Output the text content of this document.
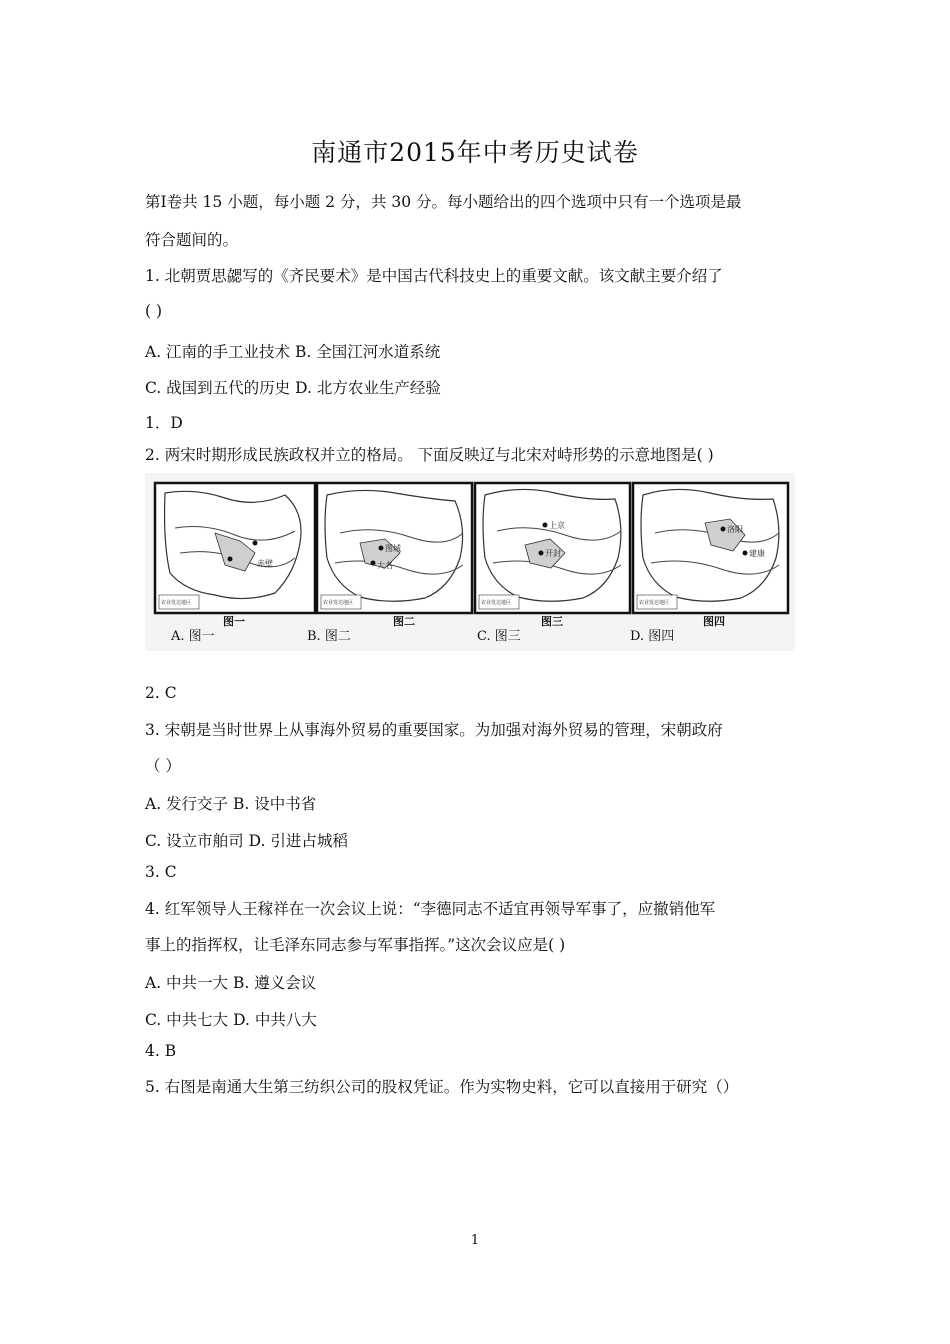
南通市2015年中考历史试卷
第Ⅰ卷共 15 小题，每小题 2 分，共 30 分。每小题给出的四个选项中只有一个选项是最
符合题间的。
1. 北朝贾思勰写的《齐民要术》是中国古代科技史上的重要文献。该文献主要介绍了
( )
A. 江南的手工业技术 B. 全国江河水道系统
C. 战国到五代的历史 D. 北方农业生产经验
1．D
2. 两宋时期形成民族政权并立的格局。 下面反映辽与北宋对峙形势的示意地图是( )
赤壁
农业发达地区
图城
大名
农业发达地区
上京
开封
农业发达地区
洛阳
建康
农业发达地区
图一	图二	图三	图四
A. 图一	B. 图二	C. 图三	D. 图四
2. C
3. 宋朝是当时世界上从事海外贸易的重要国家。为加强对海外贸易的管理，宋朝政府
（ ）
A. 发行交子 B. 设中书省
C. 设立市舶司 D. 引进占城稻
3. C
4. 红军领导人王稼祥在一次会议上说：“李德同志不适宜再领导军事了，应撤销他军
事上的指挥权，让毛泽东同志参与军事指挥。”这次会议应是( )
A. 中共一大 B. 遵义会议
C. 中共七大 D. 中共八大
4. B
5. 右图是南通大生第三纺织公司的股权凭证。作为实物史料，它可以直接用于研究（）
1
